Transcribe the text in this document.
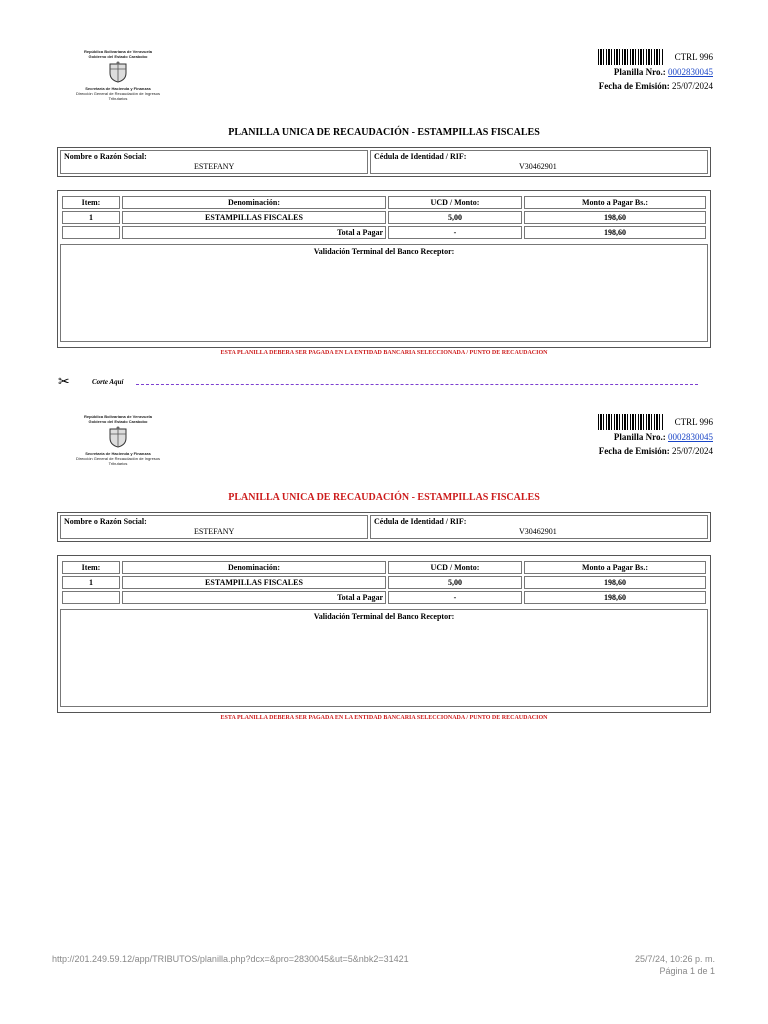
República Bolivariana de Venezuela
Gobierno del Estado Carabobo
Secretaría de Hacienda y Finanzas
Dirección General de Recaudación de Ingresos
Tributarios
CTRL 996
Planilla Nro.: 0002830045
Fecha de Emisión: 25/07/2024
PLANILLA UNICA DE RECAUDACIÓN - ESTAMPILLAS FISCALES
Nombre o Razón Social:
ESTEFANY
Cédula de Identidad / RIF:
V30462901
Item:	Denominación:	UCD / Monto:	Monto a Pagar Bs.:
1	ESTAMPILLAS FISCALES	5,00	198,60
	Total a Pagar	-	198,60
Validación Terminal del Banco Receptor:
ESTA PLANILLA DEBERA SER PAGADA EN LA ENTIDAD BANCARIA SELECCIONADA / PUNTO DE RECAUDACION
✂	Corte Aquí
República Bolivariana de Venezuela
Gobierno del Estado Carabobo
Secretaría de Hacienda y Finanzas
Dirección General de Recaudación de Ingresos
Tributarios
CTRL 996
Planilla Nro.: 0002830045
Fecha de Emisión: 25/07/2024
PLANILLA UNICA DE RECAUDACIÓN - ESTAMPILLAS FISCALES
Nombre o Razón Social:
ESTEFANY
Cédula de Identidad / RIF:
V30462901
Item:	Denominación:	UCD / Monto:	Monto a Pagar Bs.:
1	ESTAMPILLAS FISCALES	5,00	198,60
	Total a Pagar	-	198,60
Validación Terminal del Banco Receptor:
ESTA PLANILLA DEBERA SER PAGADA EN LA ENTIDAD BANCARIA SELECCIONADA / PUNTO DE RECAUDACION
http://201.249.59.12/app/TRIBUTOS/planilla.php?dcx=&pro=2830045&ut=5&nbk2=31421	25/7/24, 10:26 p. m.
Página 1 de 1
